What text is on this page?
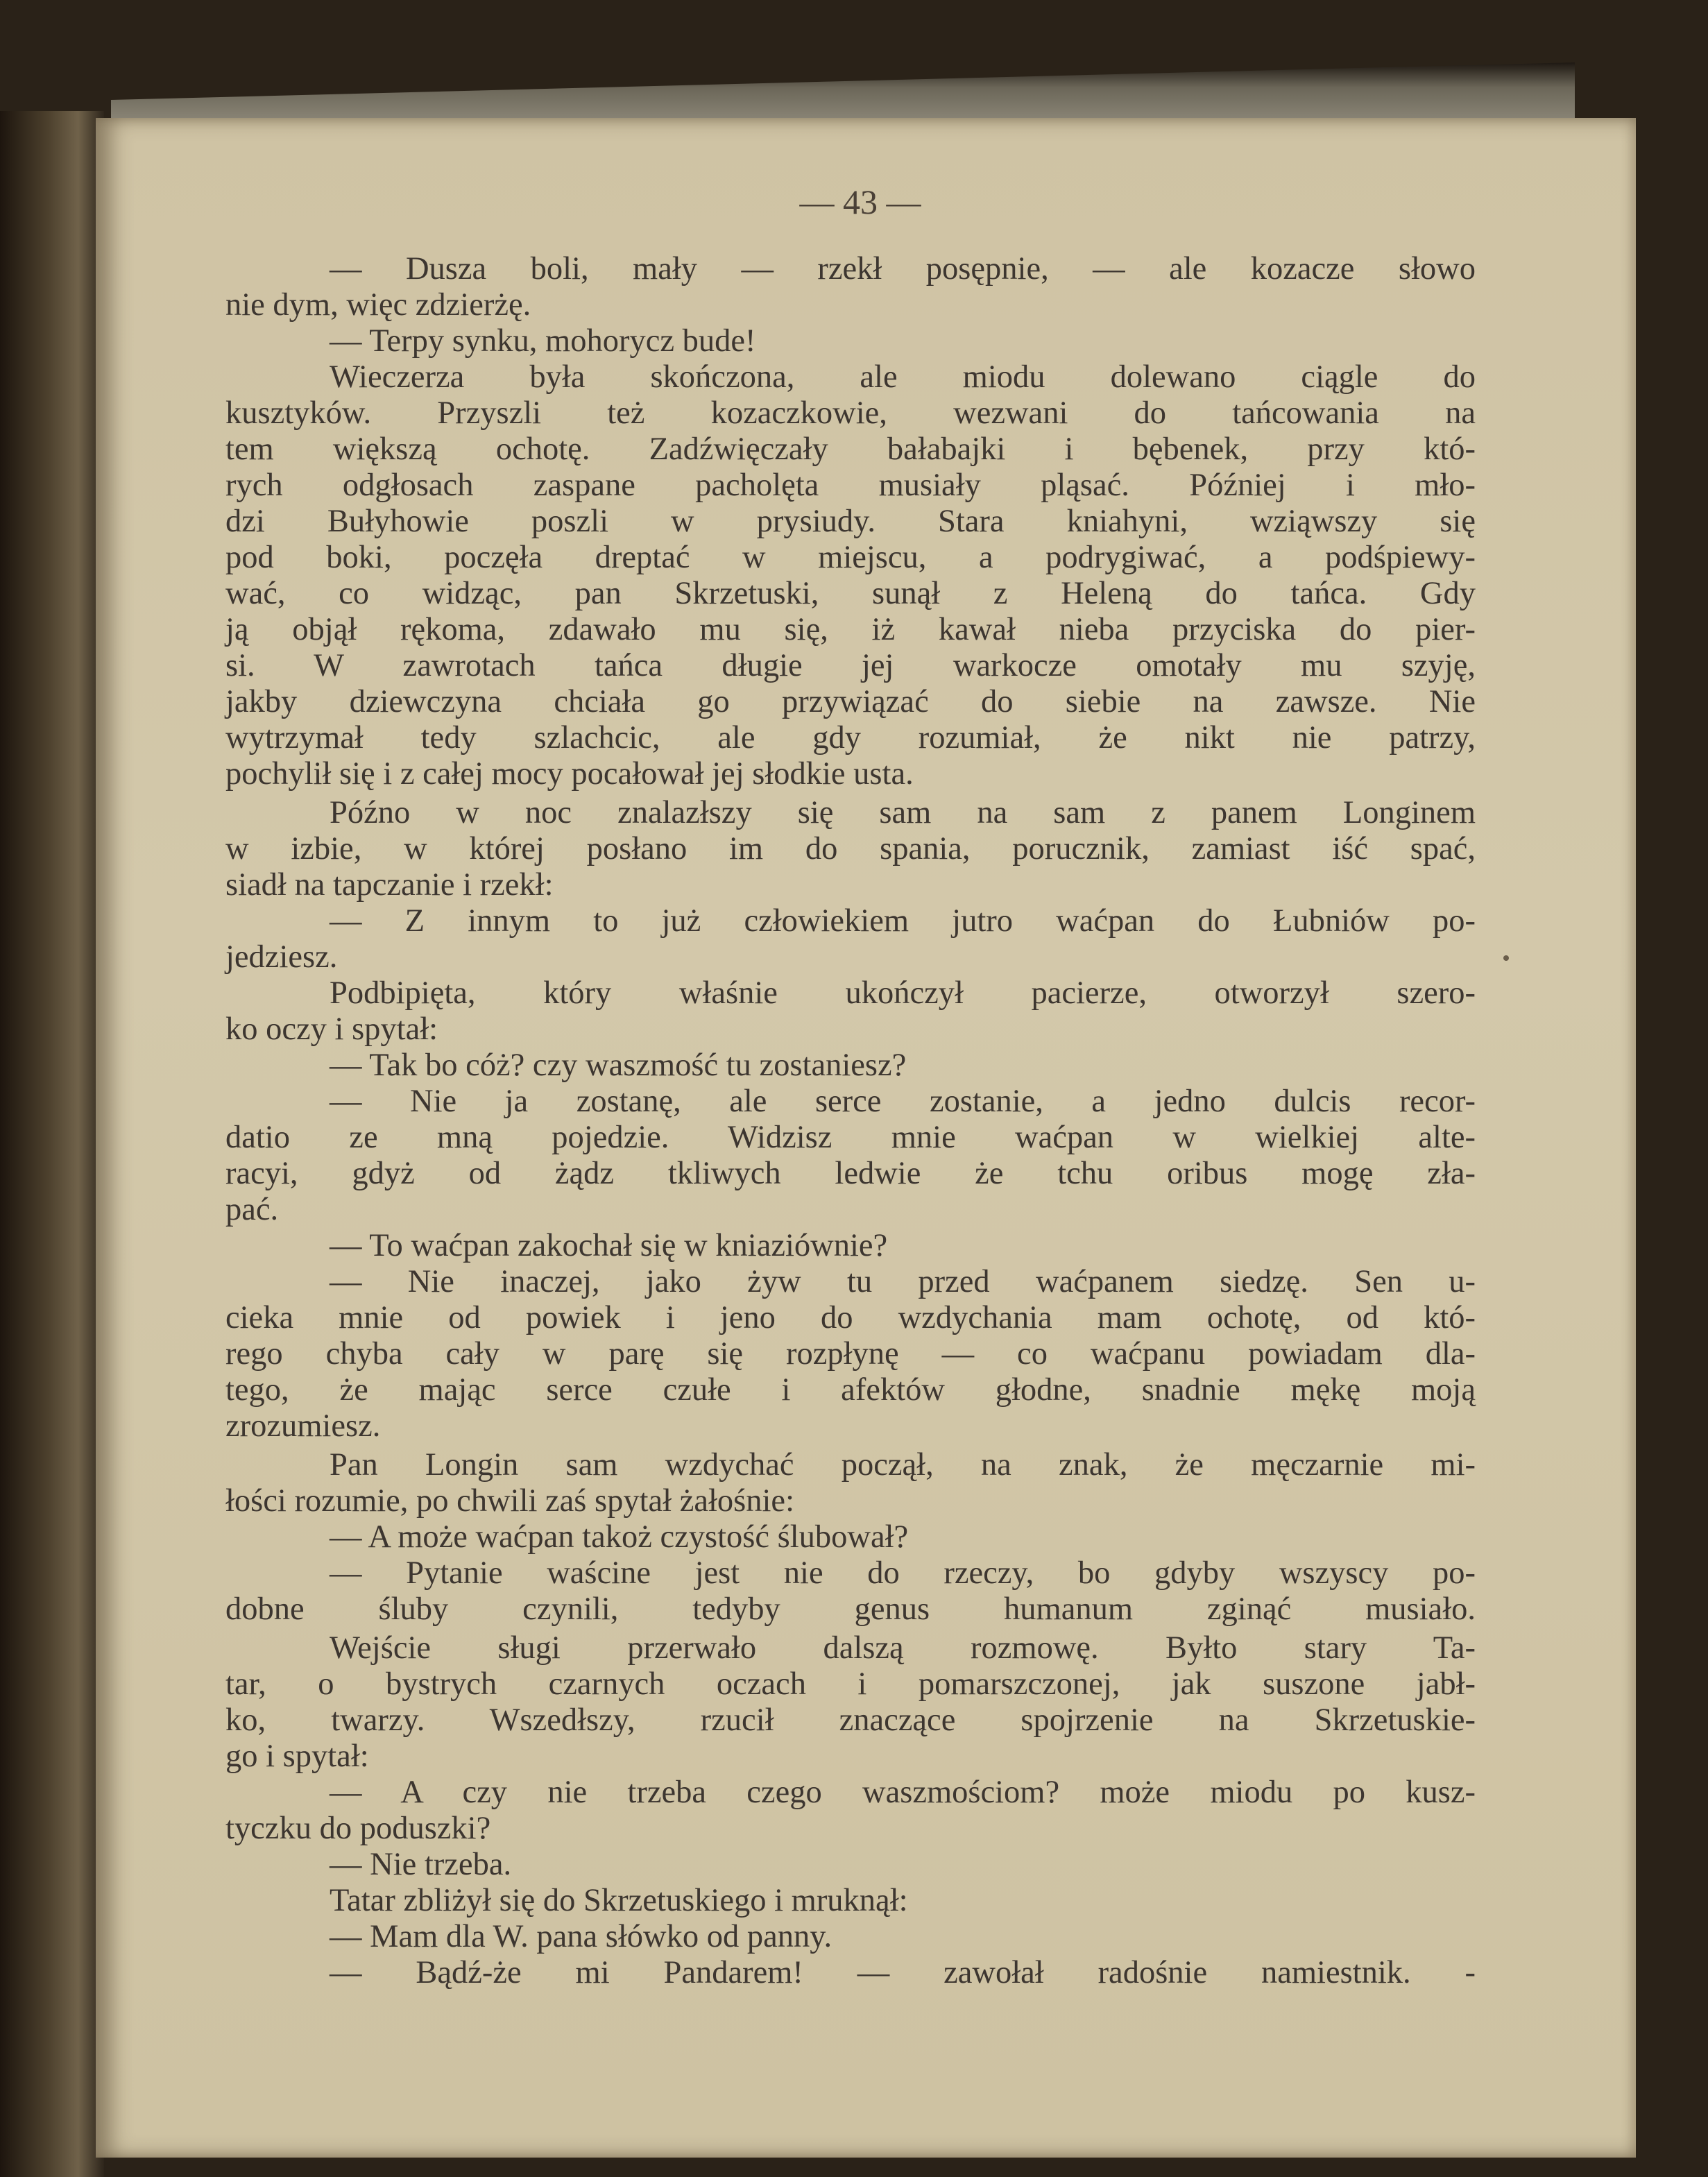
— 43 —
— Dusza boli, mały — rzekł posępnie, — ale kozacze słowo
nie dym, więc zdzierżę.
— Terpy synku, mohorycz bude!
Wieczerza była skończona, ale miodu dolewano ciągle do
kusztyków. Przyszli też kozaczkowie, wezwani do tańcowania na
tem większą ochotę. Zadźwięczały bałabajki i bębenek, przy któ-
rych odgłosach zaspane pacholęta musiały pląsać. Później i mło-
dzi Bułyhowie poszli w prysiudy. Stara kniahyni, wziąwszy się
pod boki, poczęła dreptać w miejscu, a podrygiwać, a podśpiewy-
wać, co widząc, pan Skrzetuski, sunął z Heleną do tańca. Gdy
ją objął rękoma, zdawało mu się, iż kawał nieba przyciska do pier-
si. W zawrotach tańca długie jej warkocze omotały mu szyję,
jakby dziewczyna chciała go przywiązać do siebie na zawsze. Nie
wytrzymał tedy szlachcic, ale gdy rozumiał, że nikt nie patrzy,
pochylił się i z całej mocy pocałował jej słodkie usta.
Późno w noc znalazłszy się sam na sam z panem Longinem
w izbie, w której posłano im do spania, porucznik, zamiast iść spać,
siadł na tapczanie i rzekł:
— Z innym to już człowiekiem jutro waćpan do Łubniów po-
jedziesz.
Podbipięta, który właśnie ukończył pacierze, otworzył szero-
ko oczy i spytał:
— Tak bo cóż? czy waszmość tu zostaniesz?
— Nie ja zostanę, ale serce zostanie, a jedno dulcis recor-
datio ze mną pojedzie. Widzisz mnie waćpan w wielkiej alte-
racyi, gdyż od żądz tkliwych ledwie że tchu oribus mogę zła-
pać.
— To waćpan zakochał się w kniaziównie?
— Nie inaczej, jako żyw tu przed waćpanem siedzę. Sen u-
cieka mnie od powiek i jeno do wzdychania mam ochotę, od któ-
rego chyba cały w parę się rozpłynę — co waćpanu powiadam dla-
tego, że mając serce czułe i afektów głodne, snadnie mękę moją
zrozumiesz.
Pan Longin sam wzdychać począł, na znak, że męczarnie mi-
łości rozumie, po chwili zaś spytał żałośnie:
— A może waćpan takoż czystość ślubował?
— Pytanie waścine jest nie do rzeczy, bo gdyby wszyscy po-
dobne śluby czynili, tedyby genus humanum zginąć musiało.
Wejście sługi przerwało dalszą rozmowę. Byłto stary Ta-
tar, o bystrych czarnych oczach i pomarszczonej, jak suszone jabł-
ko, twarzy. Wszedłszy, rzucił znaczące spojrzenie na Skrzetuskie-
go i spytał:
— A czy nie trzeba czego waszmościom? może miodu po kusz-
tyczku do poduszki?
— Nie trzeba.
Tatar zbliżył się do Skrzetuskiego i mruknął:
— Mam dla W. pana słówko od panny.
— Bądź-że mi Pandarem! — zawołał radośnie namiestnik. -
